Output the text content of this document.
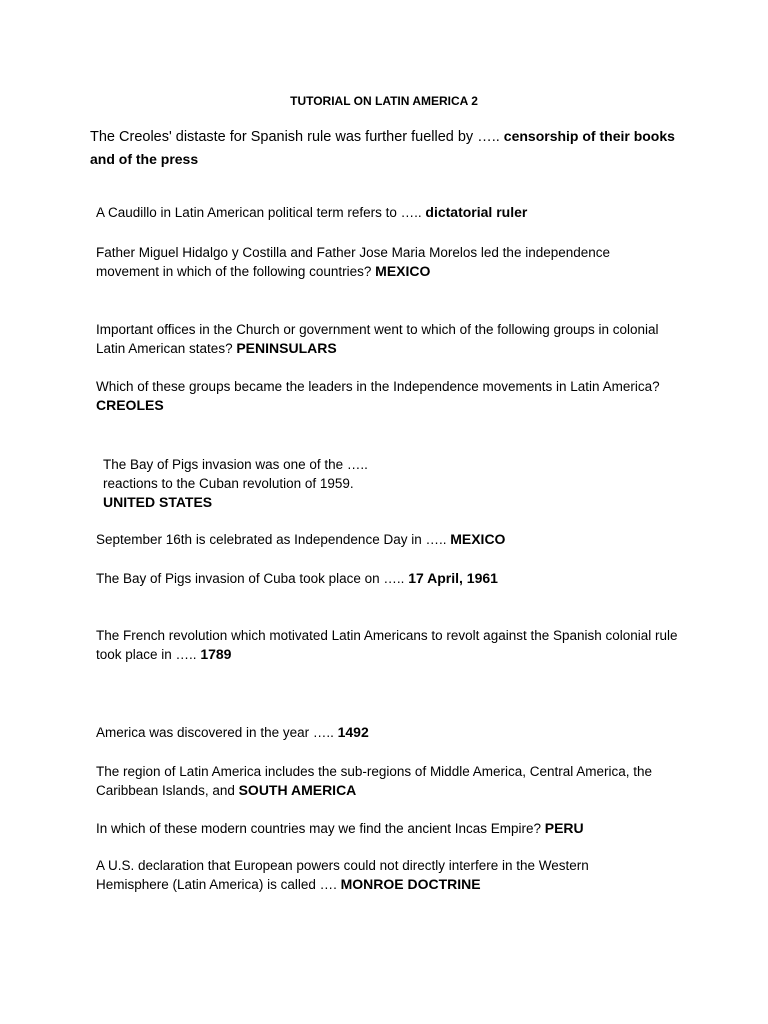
TUTORIAL ON LATIN AMERICA 2
The Creoles' distaste for Spanish rule was further fuelled by ….. censorship of their books and of the press
A Caudillo in Latin American political term refers to ….. dictatorial ruler
Father Miguel Hidalgo y Costilla and Father Jose Maria Morelos led the independence movement in which of the following countries? MEXICO
Important offices in the Church or government went to which of the following groups in colonial Latin American states? PENINSULARS
Which of these groups became the leaders in the Independence movements in Latin America? CREOLES
The Bay of Pigs invasion was one of the …..
reactions to the Cuban revolution of 1959.
UNITED STATES
September 16th is celebrated as Independence Day in ….. MEXICO
The Bay of Pigs invasion of Cuba took place on ….. 17 April, 1961
The French revolution which motivated Latin Americans to revolt against the Spanish colonial rule took place in ….. 1789
America was discovered in the year ….. 1492
The region of Latin America includes the sub-regions of Middle America, Central America, the Caribbean Islands, and SOUTH AMERICA
In which of these modern countries may we find the ancient Incas Empire? PERU
A U.S. declaration that European powers could not directly interfere in the Western Hemisphere (Latin America) is called …. MONROE DOCTRINE
